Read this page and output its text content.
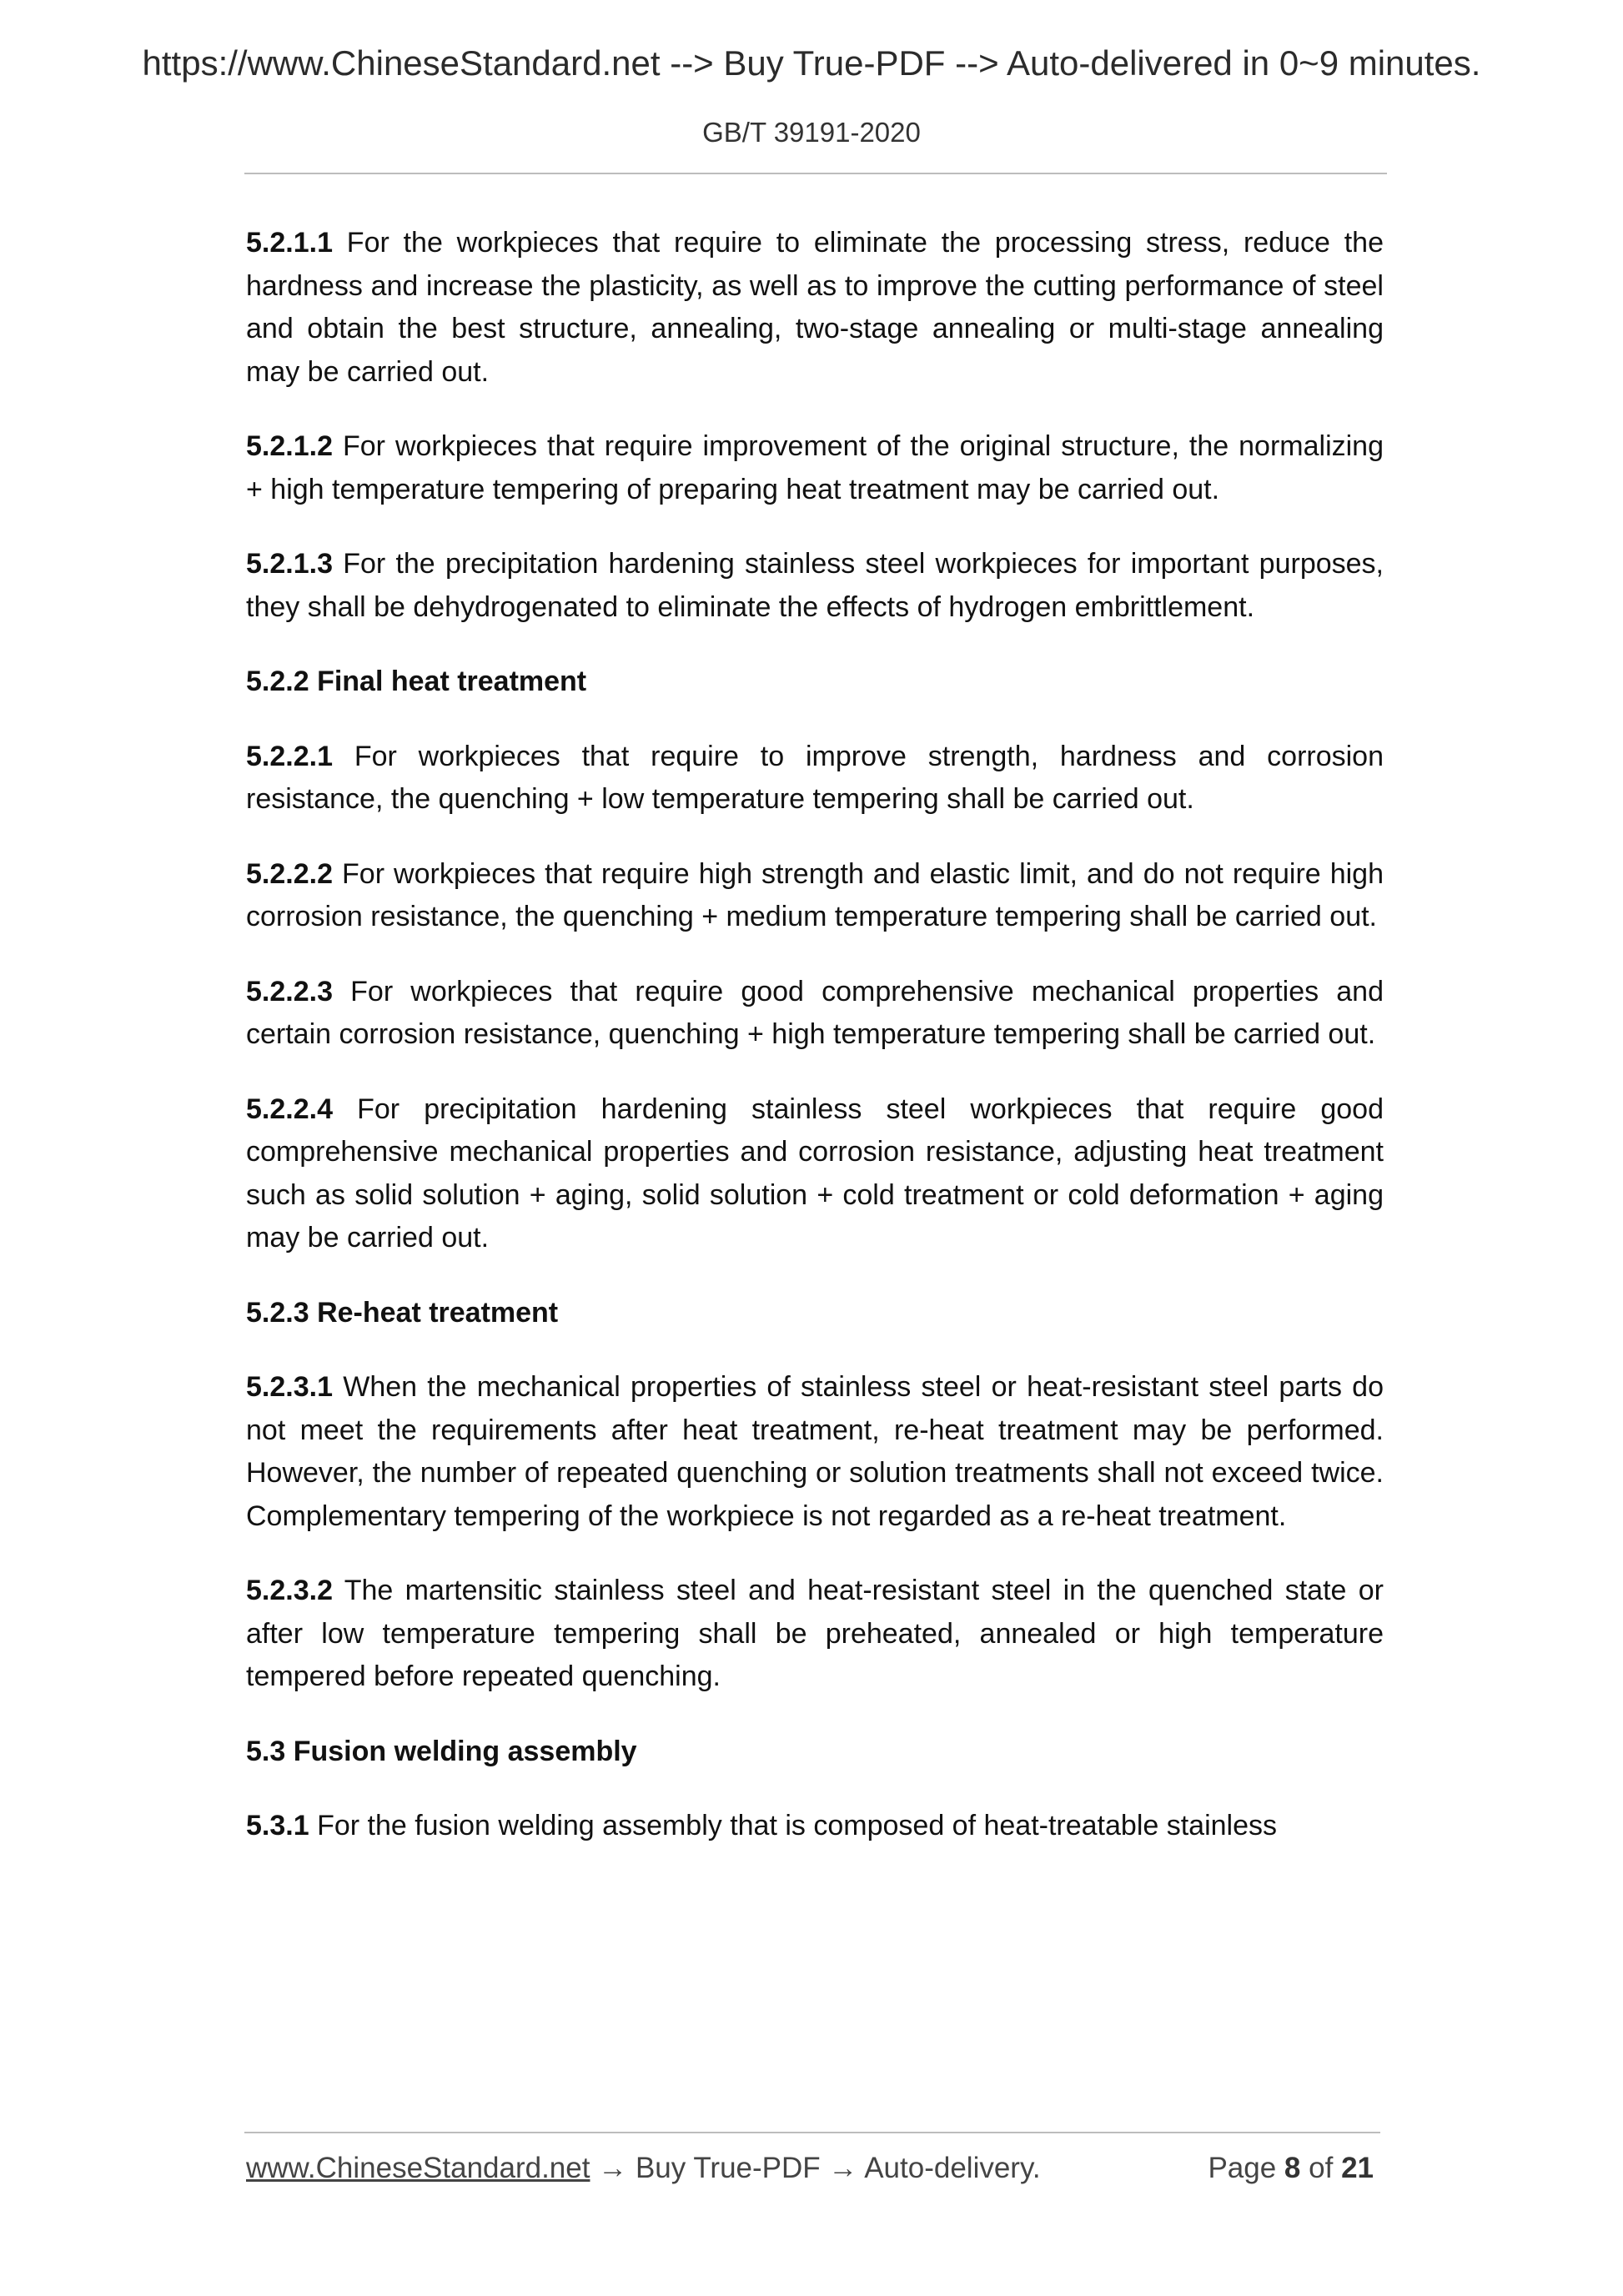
https://www.ChineseStandard.net --> Buy True-PDF --> Auto-delivered in 0~9 minutes.
GB/T 39191-2020

5.2.1.1 For the workpieces that require to eliminate the processing stress, reduce the hardness and increase the plasticity, as well as to improve the cutting performance of steel and obtain the best structure, annealing, two-stage annealing or multi-stage annealing may be carried out.

5.2.1.2 For workpieces that require improvement of the original structure, the normalizing + high temperature tempering of preparing heat treatment may be carried out.

5.2.1.3 For the precipitation hardening stainless steel workpieces for important purposes, they shall be dehydrogenated to eliminate the effects of hydrogen embrittlement.

5.2.2 Final heat treatment

5.2.2.1 For workpieces that require to improve strength, hardness and corrosion resistance, the quenching + low temperature tempering shall be carried out.

5.2.2.2 For workpieces that require high strength and elastic limit, and do not require high corrosion resistance, the quenching + medium temperature tempering shall be carried out.

5.2.2.3 For workpieces that require good comprehensive mechanical properties and certain corrosion resistance, quenching + high temperature tempering shall be carried out.

5.2.2.4 For precipitation hardening stainless steel workpieces that require good comprehensive mechanical properties and corrosion resistance, adjusting heat treatment such as solid solution + aging, solid solution + cold treatment or cold deformation + aging may be carried out.

5.2.3 Re-heat treatment

5.2.3.1 When the mechanical properties of stainless steel or heat-resistant steel parts do not meet the requirements after heat treatment, re-heat treatment may be performed. However, the number of repeated quenching or solution treatments shall not exceed twice. Complementary tempering of the workpiece is not regarded as a re-heat treatment.

5.2.3.2 The martensitic stainless steel and heat-resistant steel in the quenched state or after low temperature tempering shall be preheated, annealed or high temperature tempered before repeated quenching.

5.3 Fusion welding assembly

5.3.1 For the fusion welding assembly that is composed of heat-treatable stainless

www.ChineseStandard.net → Buy True-PDF → Auto-delivery.	Page 8 of 21
